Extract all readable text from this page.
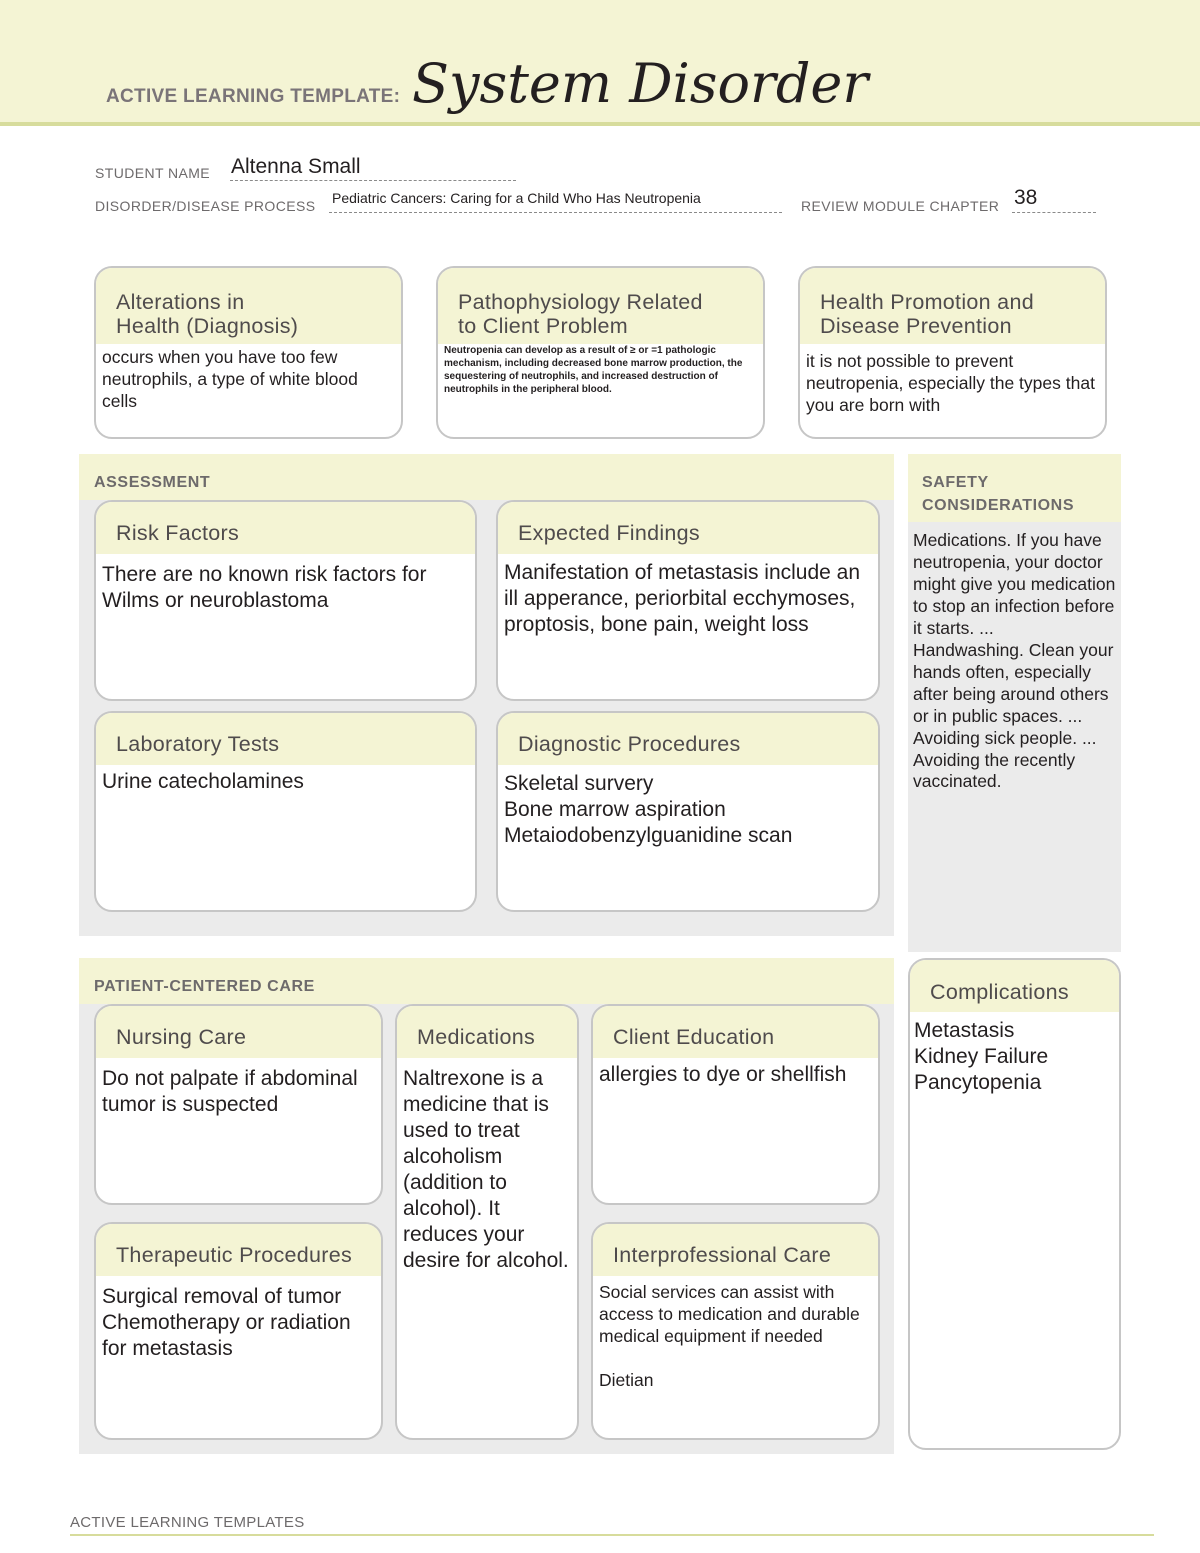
ACTIVE LEARNING TEMPLATE: System Disorder
STUDENT NAME Altenna Small
DISORDER/DISEASE PROCESS Pediatric Cancers: Caring for a Child Who Has Neutropenia	REVIEW MODULE CHAPTER 38
Alterations in
Health (Diagnosis)
occurs when you have too few neutrophils, a type of white blood cells
Pathophysiology Related
to Client Problem
Neutropenia can develop as a result of ≥ or =1 pathologic mechanism, including decreased bone marrow production, the sequestering of neutrophils, and increased destruction of neutrophils in the peripheral blood.
Health Promotion and
Disease Prevention
it is not possible to prevent neutropenia, especially the types that you are born with
ASSESSMENT
Risk Factors
There are no known risk factors for Wilms or neuroblastoma
Expected Findings
Manifestation of metastasis include an ill apperance, periorbital ecchymoses, proptosis, bone pain, weight loss
Laboratory Tests
Urine catecholamines
Diagnostic Procedures
Skeletal survery
Bone marrow aspiration
Metaiodobenzylguanidine scan
SAFETY
CONSIDERATIONS
Medications. If you have neutropenia, your doctor might give you medication to stop an infection before it starts. ...
Handwashing. Clean your hands often, especially after being around others or in public spaces. ...
Avoiding sick people. ...
Avoiding the recently vaccinated.
PATIENT-CENTERED CARE
Nursing Care
Do not palpate if abdominal tumor is suspected
Medications
Naltrexone is a medicine that is used to treat alcoholism (addition to alcohol). It reduces your desire for alcohol.
Client Education
allergies to dye or shellfish
Therapeutic Procedures
Surgical removal of tumor
Chemotherapy or radiation for metastasis
Interprofessional Care
Social services can assist with access to medication and durable medical equipment if needed

Dietian
Complications
Metastasis
Kidney Failure
Pancytopenia
ACTIVE LEARNING TEMPLATES
